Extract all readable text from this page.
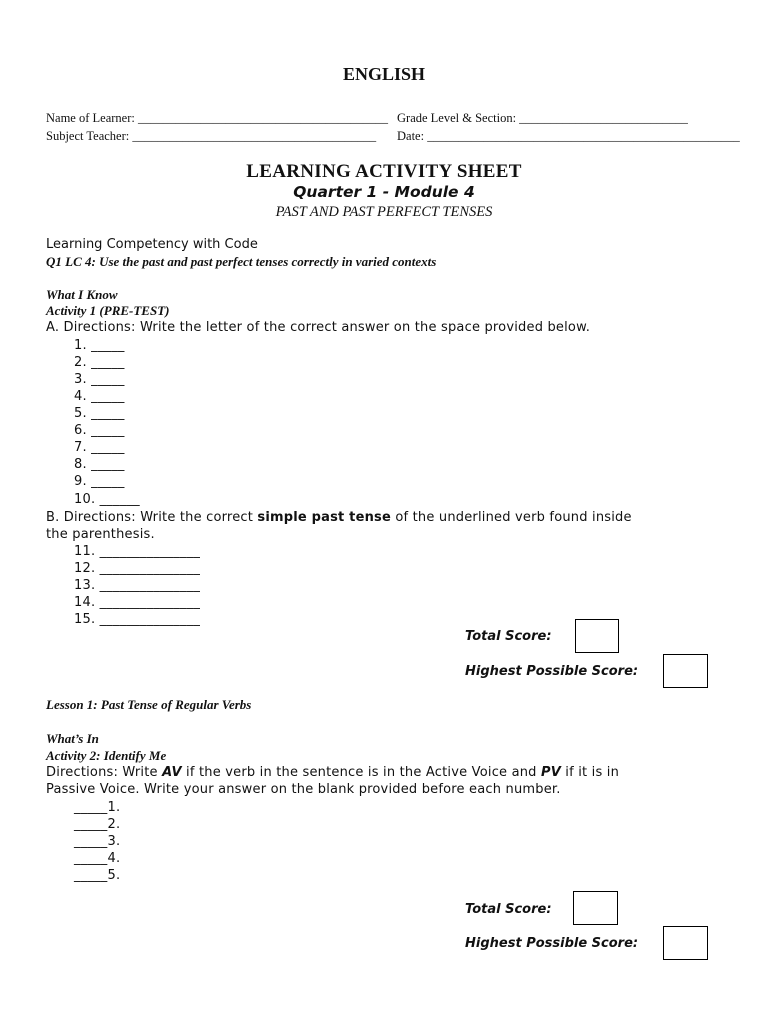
ENGLISH
Name of Learner: ________________________________________ Grade Level & Section: ___________________________
Subject Teacher: _______________________________________ Date: __________________________________________________
LEARNING ACTIVITY SHEET
Quarter 1 - Module 4
PAST AND PAST PERFECT TENSES
Learning Competency with Code
Q1 LC 4: Use the past and past perfect tenses correctly in varied contexts
What I Know
Activity 1 (PRE-TEST)
A. Directions: Write the letter of the correct answer on the space provided below.
1. _____
2. _____
3. _____
4. _____
5. _____
6. _____
7. _____
8. _____
9. _____
10. ______
B. Directions: Write the correct simple past tense of the underlined verb found inside
the parenthesis.
11. _______________
12. _______________
13. _______________
14. _______________
15. _______________
Total Score:
Highest Possible Score:
Lesson 1: Past Tense of Regular Verbs
What’s In
Activity 2: Identify Me
Directions: Write AV if the verb in the sentence is in the Active Voice and PV if it is in
Passive Voice. Write your answer on the blank provided before each number.
_____1.
_____2.
_____3.
_____4.
_____5.
Total Score:
Highest Possible Score:
